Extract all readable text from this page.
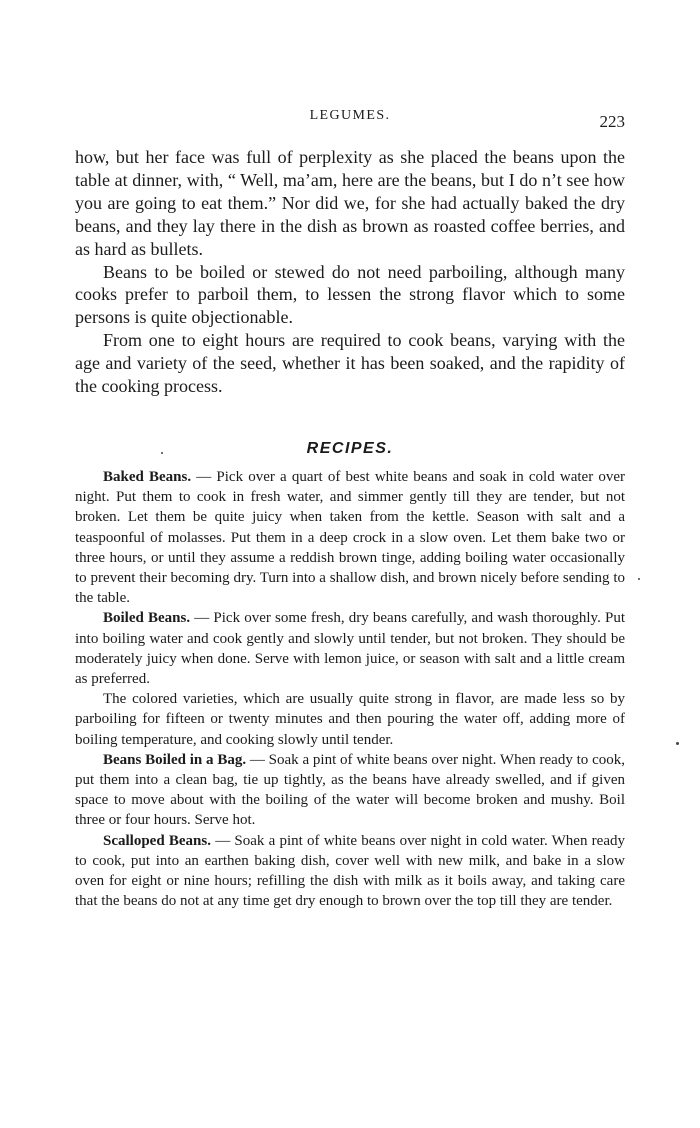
LEGUMES.	223

how, but her face was full of perplexity as she placed the beans upon the table at dinner, with, “ Well, ma’am, here are the beans, but I do n’t see how you are going to eat them.” Nor did we, for she had actually baked the dry beans, and they lay there in the dish as brown as roasted coffee berries, and as hard as bullets.

Beans to be boiled or stewed do not need parboiling, although many cooks prefer to parboil them, to lessen the strong flavor which to some persons is quite objectionable.

From one to eight hours are required to cook beans, varying with the age and variety of the seed, whether it has been soaked, and the rapidity of the cooking process.

RECIPES.

Baked Beans. — Pick over a quart of best white beans and soak in cold water over night. Put them to cook in fresh water, and simmer gently till they are tender, but not broken. Let them be quite juicy when taken from the kettle. Season with salt and a teaspoonful of molasses. Put them in a deep crock in a slow oven. Let them bake two or three hours, or until they assume a reddish brown tinge, adding boiling water occasionally to prevent their becoming dry. Turn into a shallow dish, and brown nicely before sending to the table.

Boiled Beans. — Pick over some fresh, dry beans carefully, and wash thoroughly. Put into boiling water and cook gently and slowly until tender, but not broken. They should be moderately juicy when done. Serve with lemon juice, or season with salt and a little cream as preferred.

The colored varieties, which are usually quite strong in flavor, are made less so by parboiling for fifteen or twenty minutes and then pouring the water off, adding more of boiling temperature, and cooking slowly until tender.

Beans Boiled in a Bag. — Soak a pint of white beans over night. When ready to cook, put them into a clean bag, tie up tightly, as the beans have already swelled, and if given space to move about with the boiling of the water will become broken and mushy. Boil three or four hours. Serve hot.

Scalloped Beans. — Soak a pint of white beans over night in cold water. When ready to cook, put into an earthen baking dish, cover well with new milk, and bake in a slow oven for eight or nine hours; refilling the dish with milk as it boils away, and taking care that the beans do not at any time get dry enough to brown over the top till they are tender.
